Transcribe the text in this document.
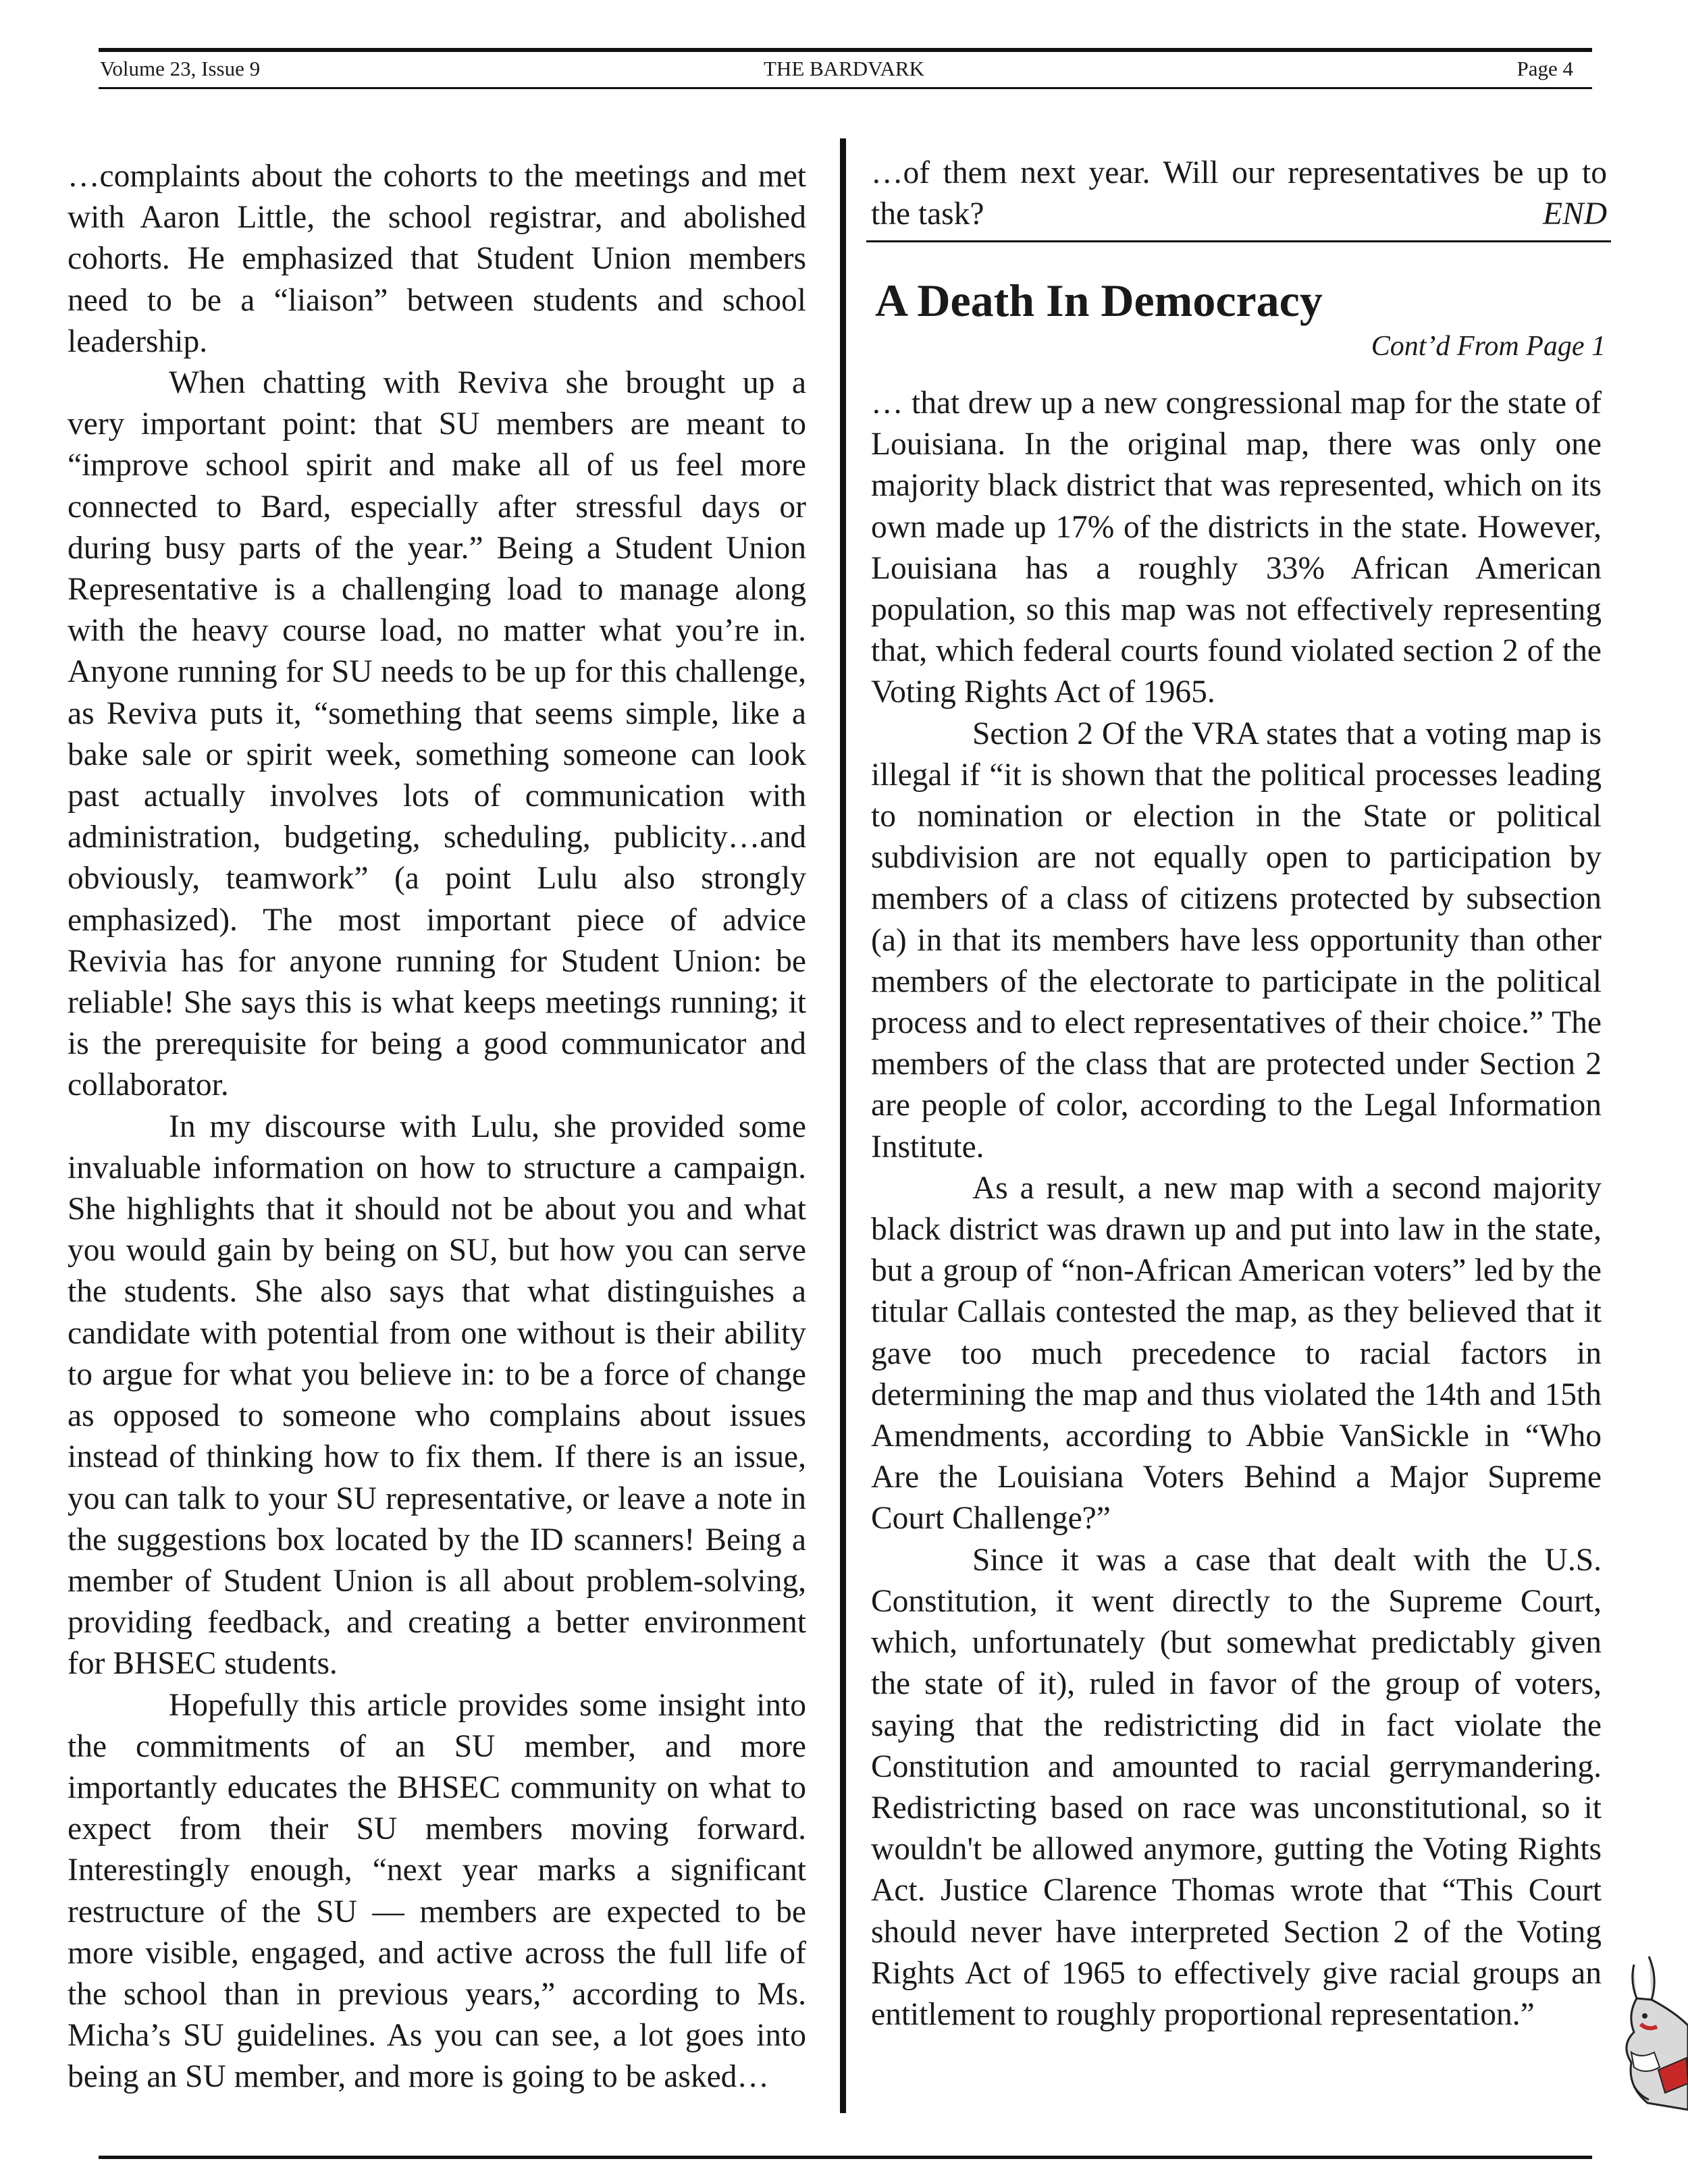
Volume 23, Issue 9	THE BARDVARK	Page 4

…complaints about the cohorts to the meetings and met with Aaron Little, the school registrar, and abolished cohorts. He emphasized that Student Union members need to be a “liaison” between students and school leadership.

When chatting with Reviva she brought up a very important point: that SU members are meant to “improve school spirit and make all of us feel more connected to Bard, especially after stressful days or during busy parts of the year.” Being a Student Union Representative is a challenging load to manage along with the heavy course load, no matter what you’re in. Anyone running for SU needs to be up for this challenge, as Reviva puts it, “something that seems simple, like a bake sale or spirit week, something someone can look past actually involves lots of communication with administration, budgeting, scheduling, publicity…and obviously, teamwork” (a point Lulu also strongly emphasized). The most important piece of advice Revivia has for anyone running for Student Union: be reliable! She says this is what keeps meetings running; it is the prerequisite for being a good communicator and collaborator.

In my discourse with Lulu, she provided some invaluable information on how to structure a campaign. She highlights that it should not be about you and what you would gain by being on SU, but how you can serve the students. She also says that what distinguishes a candidate with potential from one without is their ability to argue for what you believe in: to be a force of change as opposed to someone who complains about issues instead of thinking how to fix them. If there is an issue, you can talk to your SU representative, or leave a note in the suggestions box located by the ID scanners! Being a member of Student Union is all about problem-solving, providing feedback, and creating a better environment for BHSEC students.

Hopefully this article provides some insight into the commitments of an SU member, and more importantly educates the BHSEC community on what to expect from their SU members moving forward. Interestingly enough, “next year marks a significant restructure of the SU — members are expected to be more visible, engaged, and active across the full life of the school than in previous years,” according to Ms. Micha’s SU guidelines. As you can see, a lot goes into being an SU member, and more is going to be asked…

…of them next year. Will our representatives be up to the task?	END

A Death In Democracy
Cont’d From Page 1

… that drew up a new congressional map for the state of Louisiana. In the original map, there was only one majority black district that was represented, which on its own made up 17% of the districts in the state. However, Louisiana has a roughly 33% African American population, so this map was not effectively representing that, which federal courts found violated section 2 of the Voting Rights Act of 1965.

Section 2 Of the VRA states that a voting map is illegal if “it is shown that the political processes leading to nomination or election in the State or political subdivision are not equally open to participation by members of a class of citizens protected by subsection (a) in that its members have less opportunity than other members of the electorate to participate in the political process and to elect representatives of their choice.” The members of the class that are protected under Section 2 are people of color, according to the Legal Information Institute.

As a result, a new map with a second majority black district was drawn up and put into law in the state, but a group of “non-African American voters” led by the titular Callais contested the map, as they believed that it gave too much precedence to racial factors in determining the map and thus violated the 14th and 15th Amendments, according to Abbie VanSickle in “Who Are the Louisiana Voters Behind a Major Supreme Court Challenge?”

Since it was a case that dealt with the U.S. Constitution, it went directly to the Supreme Court, which, unfortunately (but somewhat predictably given the state of it), ruled in favor of the group of voters, saying that the redistricting did in fact violate the Constitution and amounted to racial gerrymandering. Redistricting based on race was unconstitutional, so it wouldn't be allowed anymore, gutting the Voting Rights Act. Justice Clarence Thomas wrote that “This Court should never have interpreted Section 2 of the Voting Rights Act of 1965 to effectively give racial groups an entitlement to roughly proportional representation.”
